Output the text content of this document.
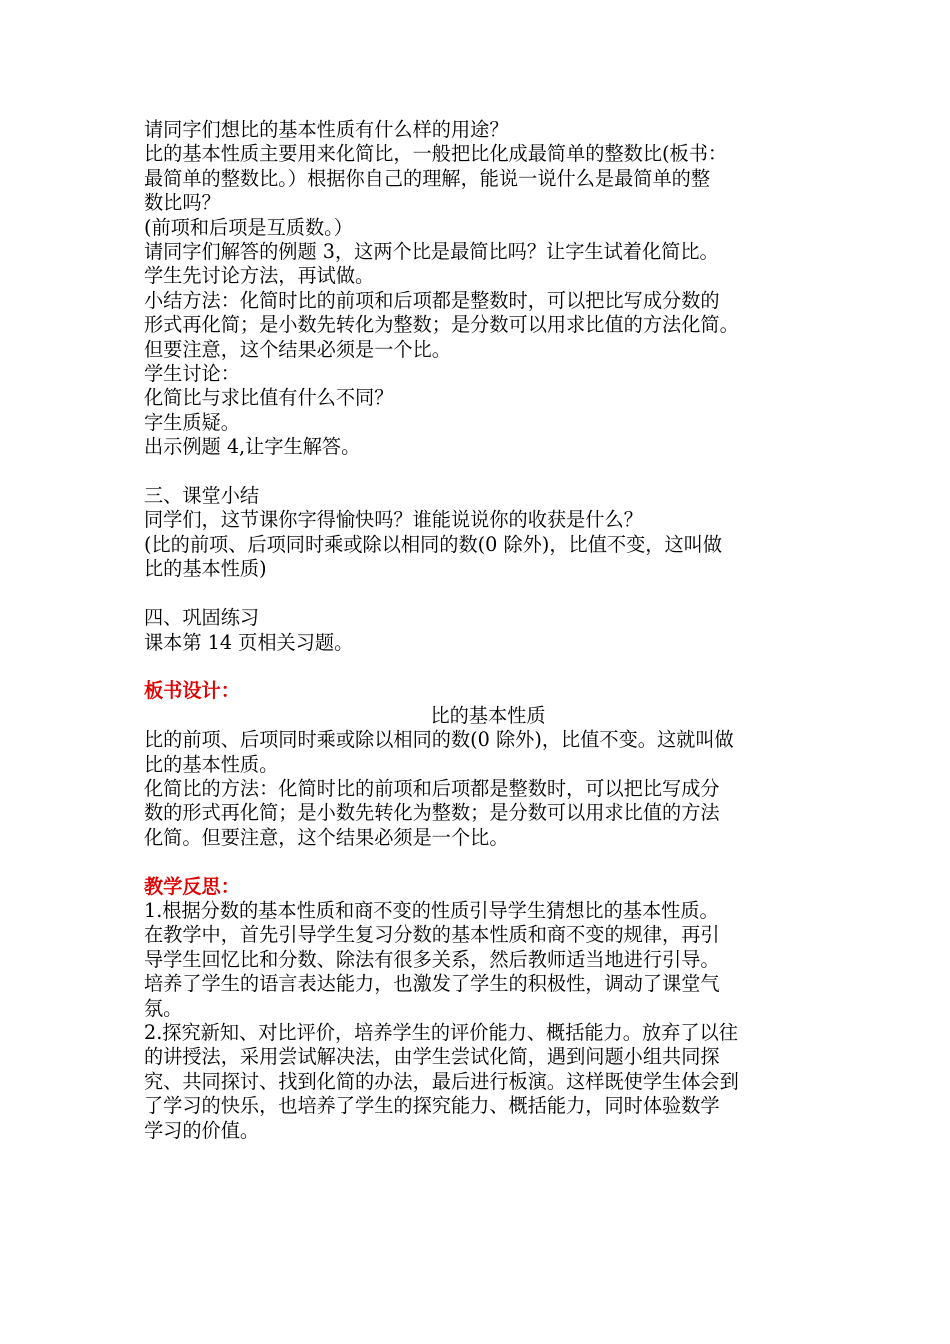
请同字们想比的基本性质有什么样的用途？
比的基本性质主要用来化简比，一般把比化成最简单的整数比(板书：
最简单的整数比。）根据你自己的理解，能说一说什么是最简单的整
数比吗？
(前项和后项是互质数。）
请同字们解答的例题 3，这两个比是最简比吗？让字生试着化简比。
学生先讨论方法，再试做。
小结方法：化简时比的前项和后项都是整数时，可以把比写成分数的
形式再化简；是小数先转化为整数；是分数可以用求比值的方法化简。
但要注意，这个结果必须是一个比。
学生讨论：
化简比与求比值有什么不同？
字生质疑。
出示例题 4,让字生解答。
三、课堂小结
同学们，这节课你字得愉快吗？谁能说说你的收获是什么？
(比的前项、后项同时乘或除以相同的数(0 除外)，比值不变，这叫做
比的基本性质)
四、巩固练习
课本第 14 页相关习题。
板书设计：
比的基本性质
比的前项、后项同时乘或除以相同的数(0 除外)，比值不变。这就叫做
比的基本性质。
化简比的方法：化简时比的前项和后项都是整数时，可以把比写成分
数的形式再化简；是小数先转化为整数；是分数可以用求比值的方法
化简。但要注意，这个结果必须是一个比。
教学反思：
1.根据分数的基本性质和商不变的性质引导学生猜想比的基本性质。
在教学中，首先引导学生复习分数的基本性质和商不变的规律，再引
导学生回忆比和分数、除法有很多关系，然后教师适当地进行引导。
培养了学生的语言表达能力，也激发了学生的积极性，调动了课堂气
氛。
2.探究新知、对比评价，培养学生的评价能力、概括能力。放弃了以往
的讲授法，采用尝试解决法，由学生尝试化简，遇到问题小组共同探
究、共同探讨、找到化简的办法，最后进行板演。这样既使学生体会到
了学习的快乐，也培养了学生的探究能力、概括能力，同时体验数学
学习的价值。
